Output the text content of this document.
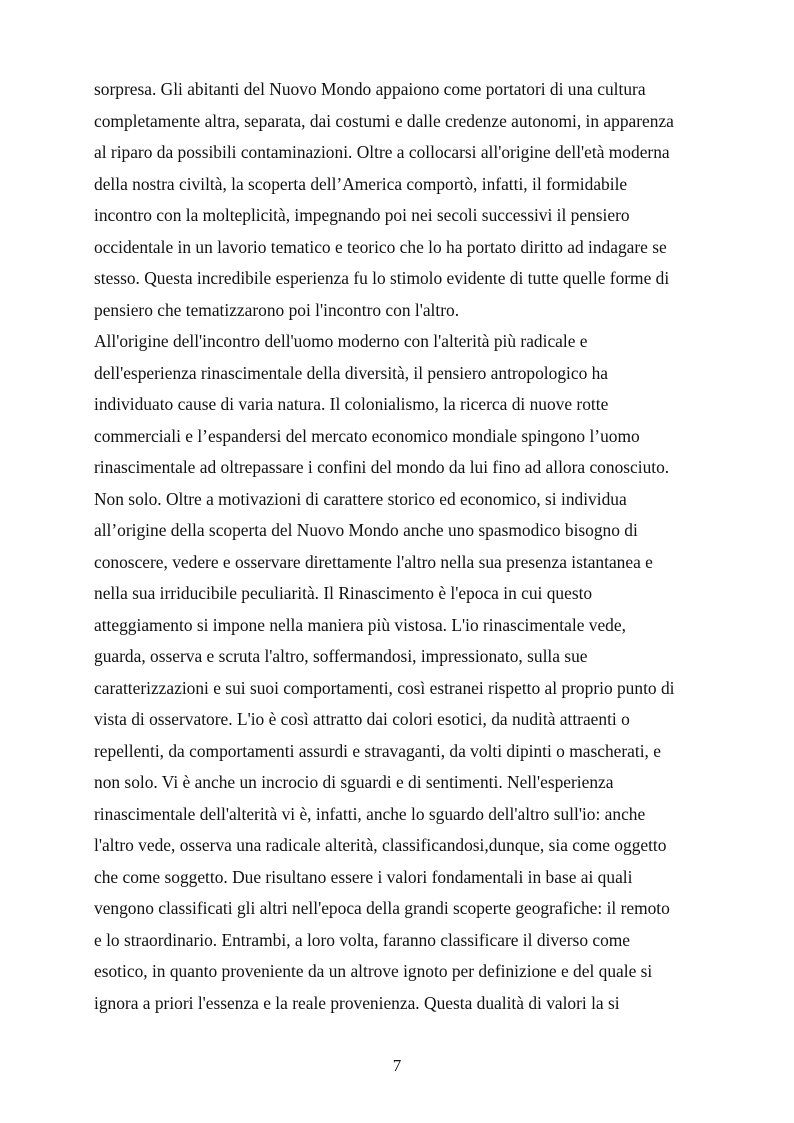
sorpresa. Gli abitanti del Nuovo Mondo appaiono come portatori di una cultura
completamente altra, separata, dai costumi e dalle credenze autonomi, in apparenza
al riparo da possibili contaminazioni. Oltre a collocarsi all'origine dell'età moderna
della nostra civiltà, la scoperta dell’America comportò, infatti, il formidabile
incontro con la molteplicità, impegnando poi nei secoli successivi il pensiero
occidentale in un lavorio tematico e teorico che lo ha portato diritto ad indagare se
stesso. Questa incredibile esperienza fu lo stimolo evidente di tutte quelle forme di
pensiero che tematizzarono poi l'incontro con l'altro.
All'origine dell'incontro dell'uomo moderno con l'alterità più radicale e
dell'esperienza rinascimentale della diversità, il pensiero antropologico ha
individuato cause di varia natura. Il colonialismo, la ricerca di nuove rotte
commerciali e l’espandersi del mercato economico mondiale spingono l’uomo
rinascimentale ad oltrepassare i confini del mondo da lui fino ad allora conosciuto.
Non solo. Oltre a motivazioni di carattere storico ed economico, si individua
all’origine della scoperta del Nuovo Mondo anche uno spasmodico bisogno di
conoscere, vedere e osservare direttamente l'altro nella sua presenza istantanea e
nella sua irriducibile peculiarità. Il Rinascimento è l'epoca in cui questo
atteggiamento si impone nella maniera più vistosa. L'io rinascimentale vede,
guarda, osserva e scruta l'altro, soffermandosi, impressionato, sulla sue
caratterizzazioni e sui suoi comportamenti, così estranei rispetto al proprio punto di
vista di osservatore. L'io è così attratto dai colori esotici, da nudità attraenti o
repellenti, da comportamenti assurdi e stravaganti, da volti dipinti o mascherati, e
non solo. Vi è anche un incrocio di sguardi e di sentimenti. Nell'esperienza
rinascimentale dell'alterità vi è, infatti, anche lo sguardo dell'altro sull'io: anche
l'altro vede, osserva una radicale alterità, classificandosi,dunque, sia come oggetto
che come soggetto. Due risultano essere i valori fondamentali in base ai quali
vengono classificati gli altri nell'epoca della grandi scoperte geografiche: il remoto
e lo straordinario. Entrambi, a loro volta, faranno classificare il diverso come
esotico, in quanto proveniente da un altrove ignoto per definizione e del quale si
ignora a priori l'essenza e la reale provenienza. Questa dualità di valori la si
7
